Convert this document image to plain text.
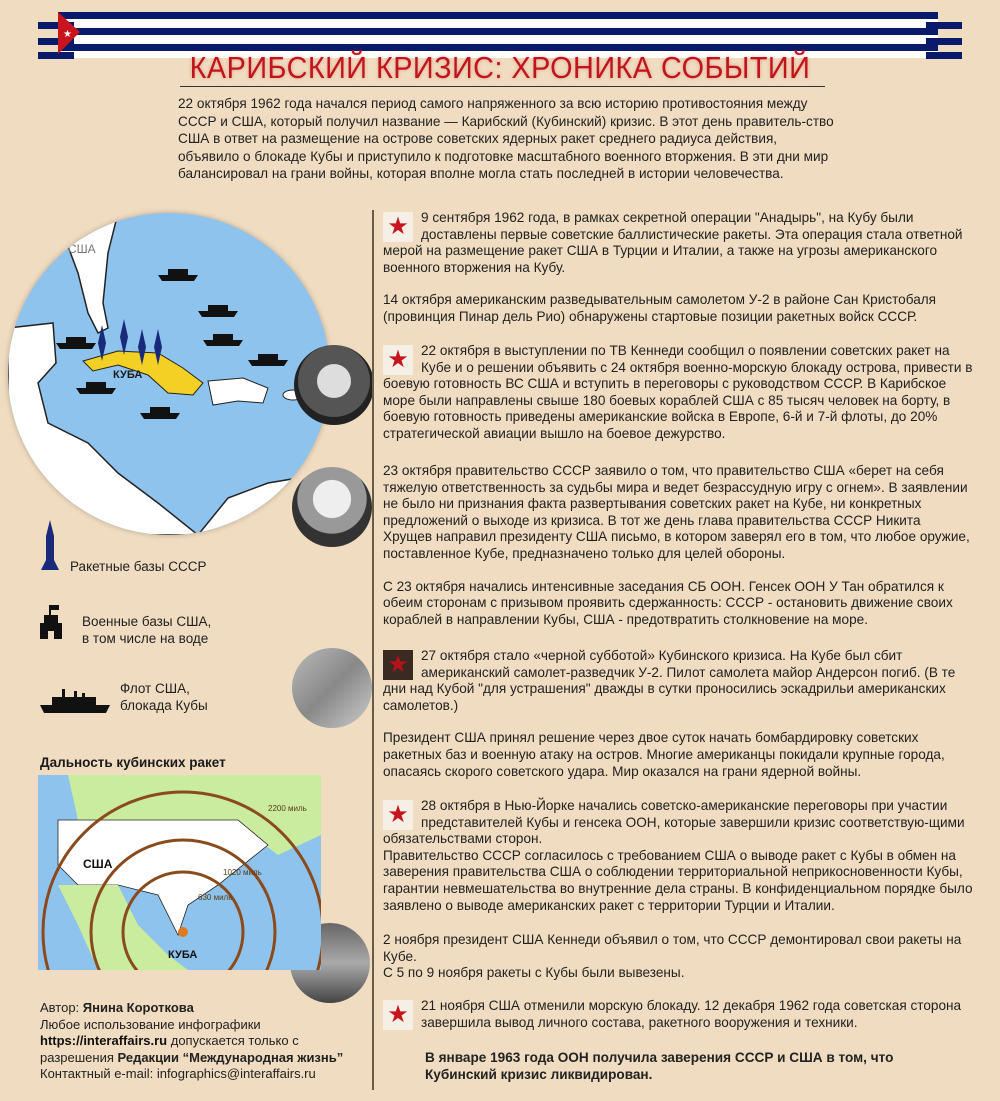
★
КАРИБСКИЙ КРИЗИС: ХРОНИКА СОБЫТИЙ
22 октября 1962 года начался период самого напряженного за всю историю противостояния между СССР и США, который получил название — Карибский (Кубинский) кризис. В этот день правитель-ство США в ответ на размещение на острове советских ядерных ракет среднего радиуса действия, объявило о блокаде Кубы и приступило к подготовке масштабного военного вторжения. В эти дни мир балансировал на грани войны, которая вполне могла стать последней в истории человечества.
КУБА
США
Ракетные базы СССР
Военные базы США,
в том числе на воде
Флот США,
блокада Кубы
Дальность кубинских ракет
США
КУБА
2200 миль
1020 миль
630 миль
Автор: Янина Короткова
Любое использование инфографики
https://interaffairs.ru допускается только с
разрешения Редакции “Международная жизнь”
Контактный e-mail: infographics@interaffairs.ru
★ 9 сентября 1962 года, в рамках секретной операции "Анадырь", на Кубу были доставлены первые советские баллистические ракеты. Эта операция стала ответной мерой на размещение ракет США в Турции и Италии, а также на угрозы американского военного вторжения на Кубу.

14 октября американским разведывательным самолетом У-2 в районе Сан Кристобаля (провинция Пинар дель Рио) обнаружены стартовые позиции ракетных войск СССР.

★ 22 октября в выступлении по ТВ Кеннеди сообщил о появлении советских ракет на Кубе и о решении объявить с 24 октября военно-морскую блокаду острова, привести в боевую готовность ВС США и вступить в переговоры с руководством СССР. В Карибское море были направлены свыше 180 боевых кораблей США с 85 тысяч человек на борту, в боевую готовность приведены американские войска в Европе, 6-й и 7-й флоты, до 20% стратегической авиации вышло на боевое дежурство.

23 октября правительство СССР заявило о том, что правительство США «берет на себя тяжелую ответственность за судьбы мира и ведет безрассудную игру с огнем». В заявлении не было ни признания факта развертывания советских ракет на Кубе, ни конкретных предложений о выходе из кризиса. В тот же день глава правительства СССР Никита Хрущев направил президенту США письмо, в котором заверял его в том, что любое оружие, поставленное Кубе, предназначено только для целей обороны.

С 23 октября начались интенсивные заседания СБ ООН. Генсек ООН У Тан обратился к обеим сторонам с призывом проявить сдержанность: СССР - остановить движение своих кораблей в направлении Кубы, США - предотвратить столкновение на море.

★ 27 октября стало «черной субботой» Кубинского кризиса. На Кубе был сбит американский самолет-разведчик У-2. Пилот самолета майор Андерсон погиб. (В те дни над Кубой "для устрашения" дважды в сутки проносились эскадрильи американских самолетов.)

Президент США принял решение через двое суток начать бомбардировку советских ракетных баз и военную атаку на остров. Многие американцы покидали крупные города, опасаясь скорого советского удара. Мир оказался на грани ядерной войны.

★ 28 октября в Нью-Йорке начались советско-американские переговоры при участии представителей Кубы и генсека ООН, которые завершили кризис соответствую-щими обязательствами сторон.
Правительство СССР согласилось с требованием США о выводе ракет с Кубы в обмен на заверения правительства США о соблюдении территориальной неприкосновенности Кубы, гарантии невмешательства во внутренние дела страны. В конфиденциальном порядке было заявлено о выводе американских ракет с территории Турции и Италии.

2 ноября президент США Кеннеди объявил о том, что СССР демонтировал свои ракеты на Кубе.
С 5 по 9 ноября ракеты с Кубы были вывезены.

★ 21 ноября США отменили морскую блокаду. 12 декабря 1962 года советская сторона завершила вывод личного состава, ракетного вооружения и техники.

В январе 1963 года ООН получила заверения СССР и США в том, что Кубинский кризис ликвидирован.
